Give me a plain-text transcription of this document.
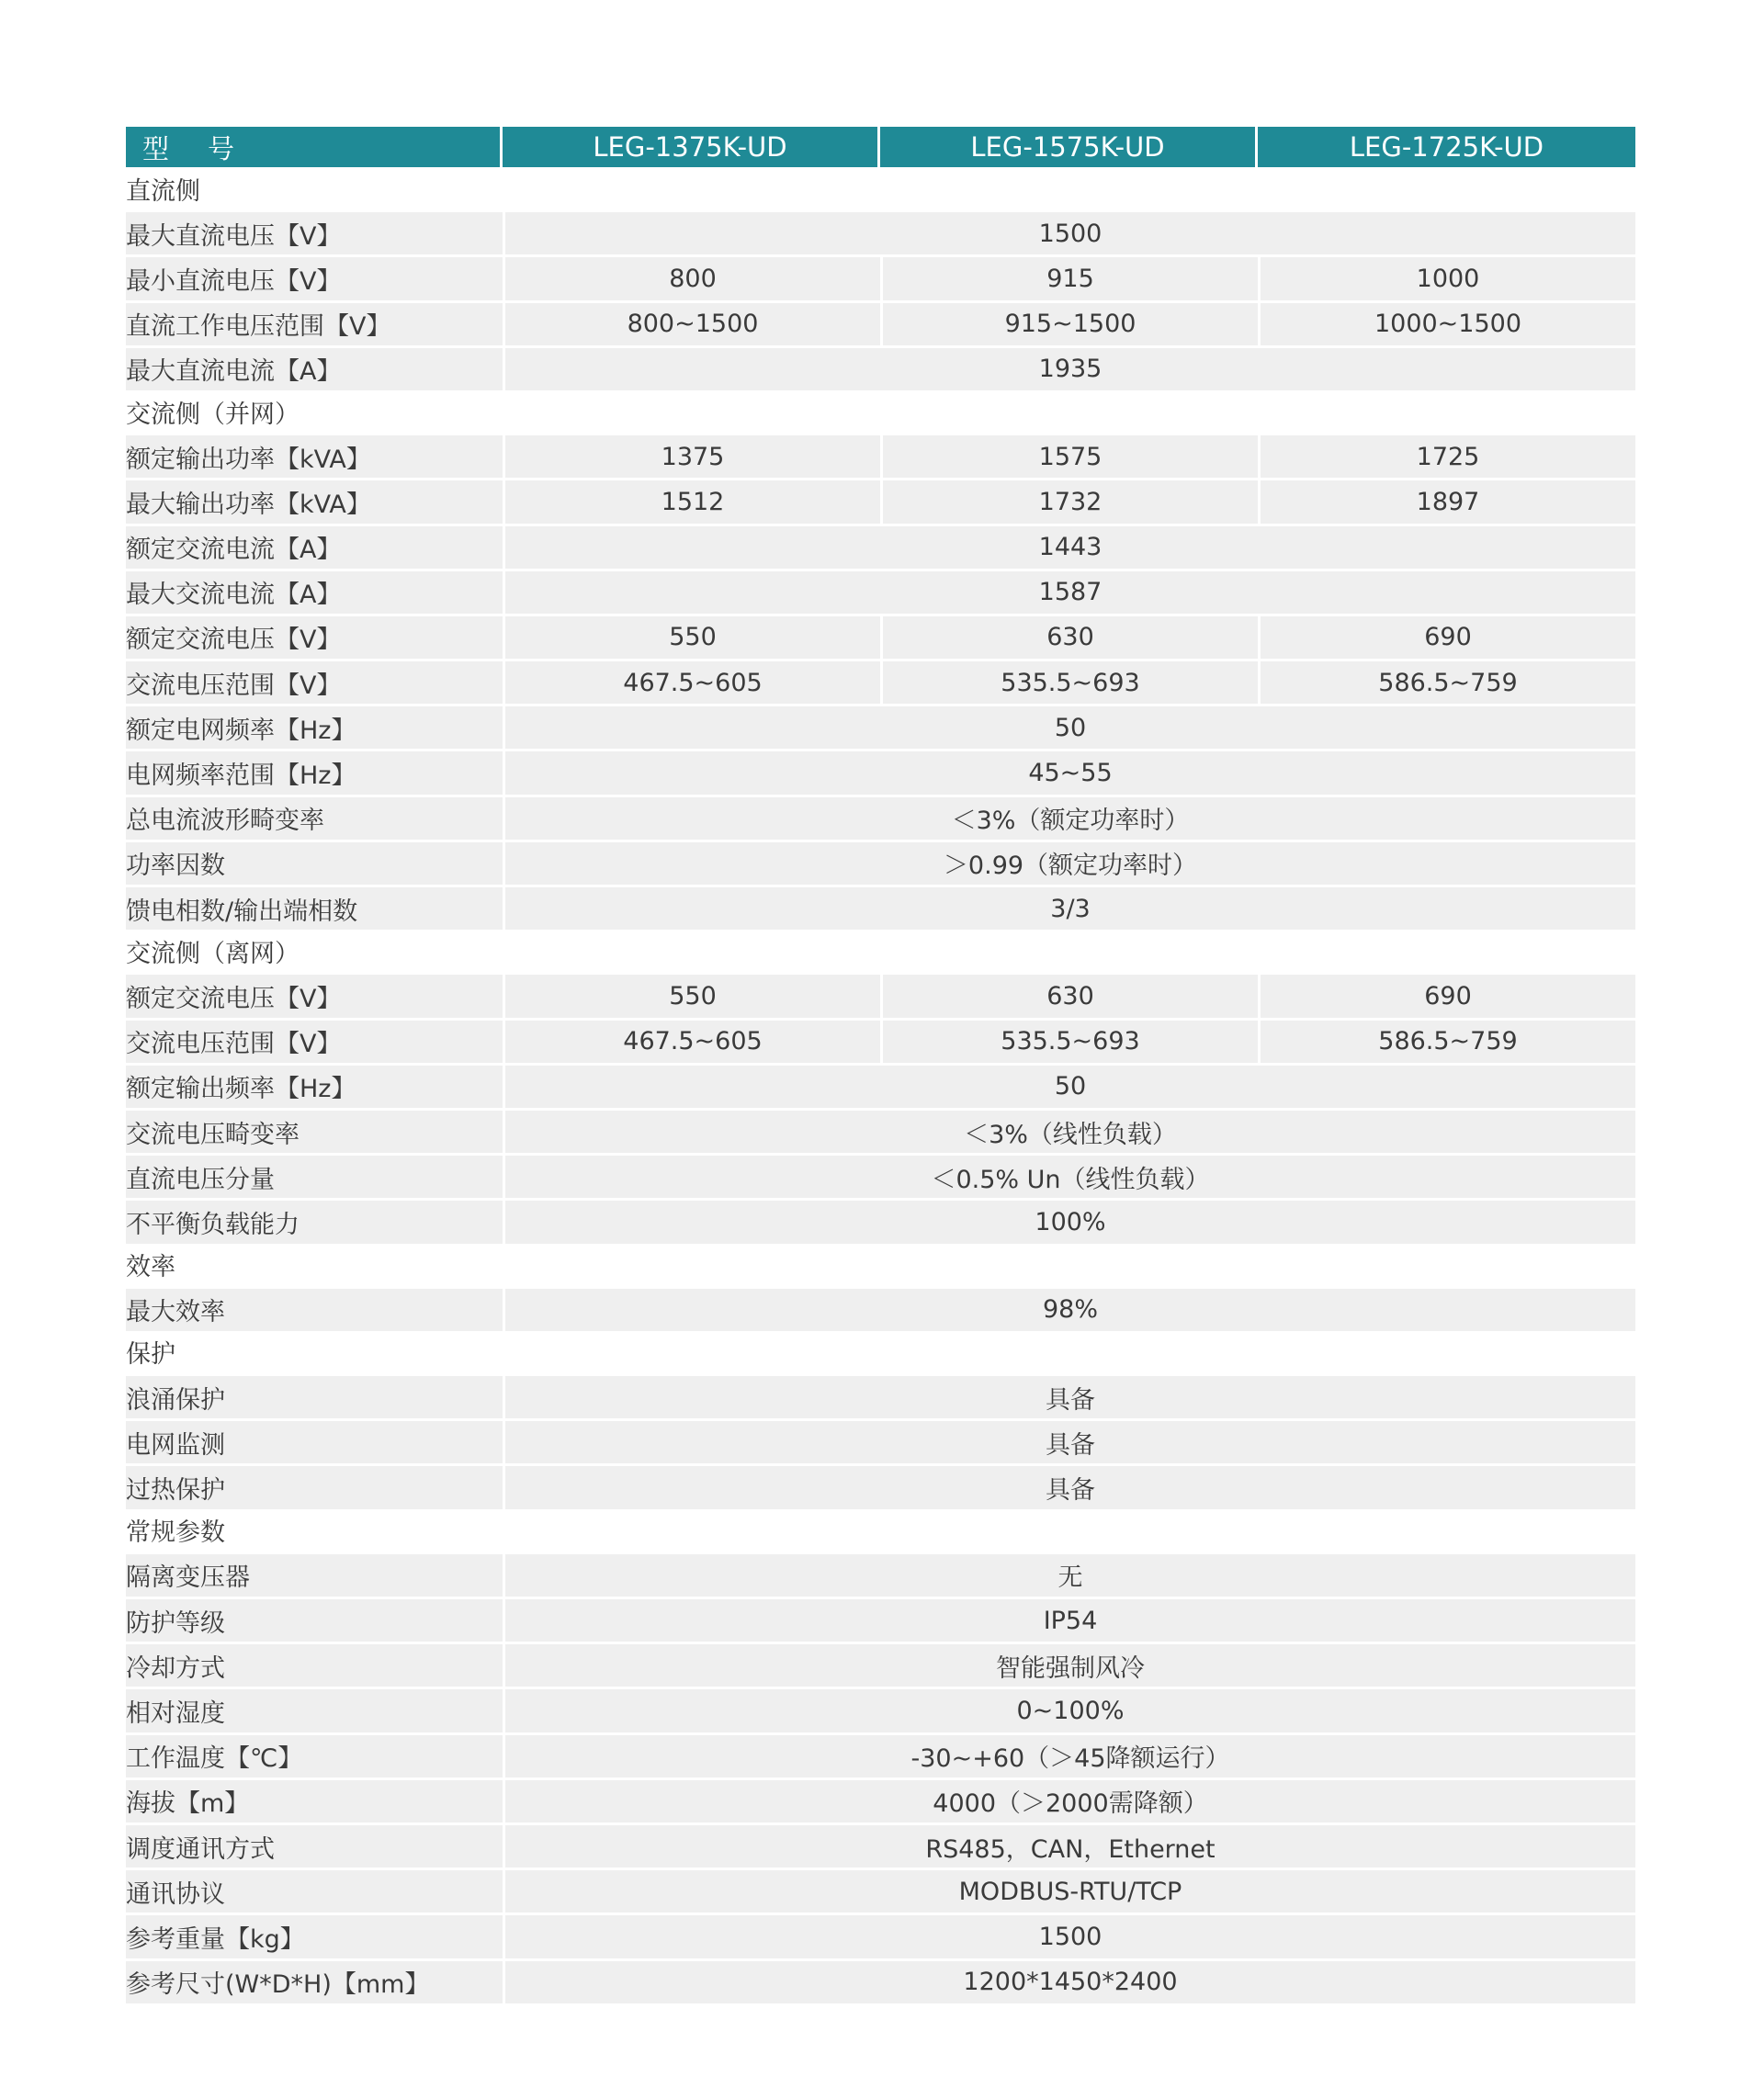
型号	LEG-1375K-UD	LEG-1575K-UD	LEG-1725K-UD
直流侧			
最大直流电压【V】	1500		
最小直流电压【V】	800	915	1000
直流工作电压范围【V】	800~1500	915~1500	1000~1500
最大直流电流【A】	1935		
交流侧（并网）			
额定输出功率【kVA】	1375	1575	1725
最大输出功率【kVA】	1512	1732	1897
额定交流电流【A】	1443		
最大交流电流【A】	1587		
额定交流电压【V】	550	630	690
交流电压范围【V】	467.5~605	535.5~693	586.5~759
额定电网频率【Hz】	50		
电网频率范围【Hz】	45~55		
总电流波形畸变率	＜3%（额定功率时）		
功率因数	＞0.99（额定功率时）		
馈电相数/输出端相数	3/3		
交流侧（离网）			
额定交流电压【V】	550	630	690
交流电压范围【V】	467.5~605	535.5~693	586.5~759
额定输出频率【Hz】	50		
交流电压畸变率	＜3%（线性负载）		
直流电压分量	＜0.5% Un（线性负载）		
不平衡负载能力	100%		
效率			
最大效率	98%		
保护			
浪涌保护	具备		
电网监测	具备		
过热保护	具备		
常规参数			
隔离变压器	无		
防护等级	IP54		
冷却方式	智能强制风冷		
相对湿度	0~100%		
工作温度【℃】	-30~+60（＞45降额运行）		
海拔【m】	4000（＞2000需降额）		
调度通讯方式	RS485，CAN，Ethernet		
通讯协议	MODBUS-RTU/TCP		
参考重量【kg】	1500		
参考尺寸(W*D*H)【mm】	1200*1450*2400		
